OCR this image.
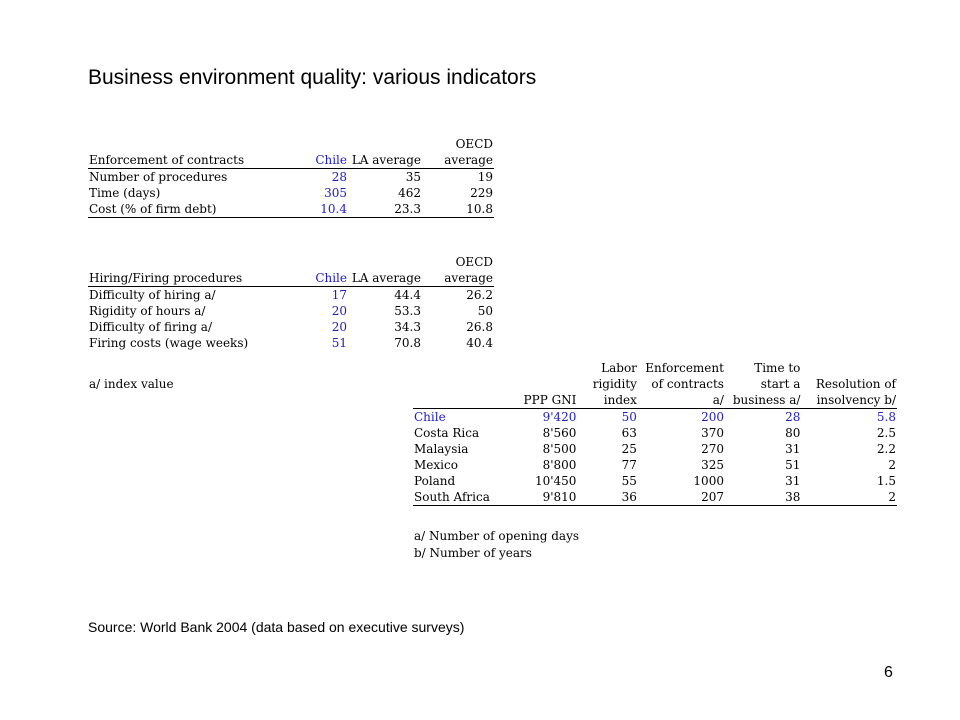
Business environment quality: various indicators
Enforcement of contracts	Chile	LA average	OECD average
Number of procedures	28	35	19
Time (days)	305	462	229
Cost (% of firm debt)	10.4	23.3	10.8
Hiring/Firing procedures	Chile	LA average	OECD average
Difficulty of hiring a/	17	44.4	26.2
Rigidity of hours a/	20	53.3	50
Difficulty of firing a/	20	34.3	26.8
Firing costs (wage weeks)	51	70.8	40.4
a/ index value
	PPP GNI	Labor rigidity index	Enforcement of contracts a/	Time to start a business a/	Resolution of insolvency b/
Chile	9'420	50	200	28	5.8
Costa Rica	8'560	63	370	80	2.5
Malaysia	8'500	25	270	31	2.2
Mexico	8'800	77	325	51	2
Poland	10'450	55	1000	31	1.5
South Africa	9'810	36	207	38	2
a/ Number of opening days
b/ Number of years
Source: World Bank 2004 (data based on executive surveys)
6
